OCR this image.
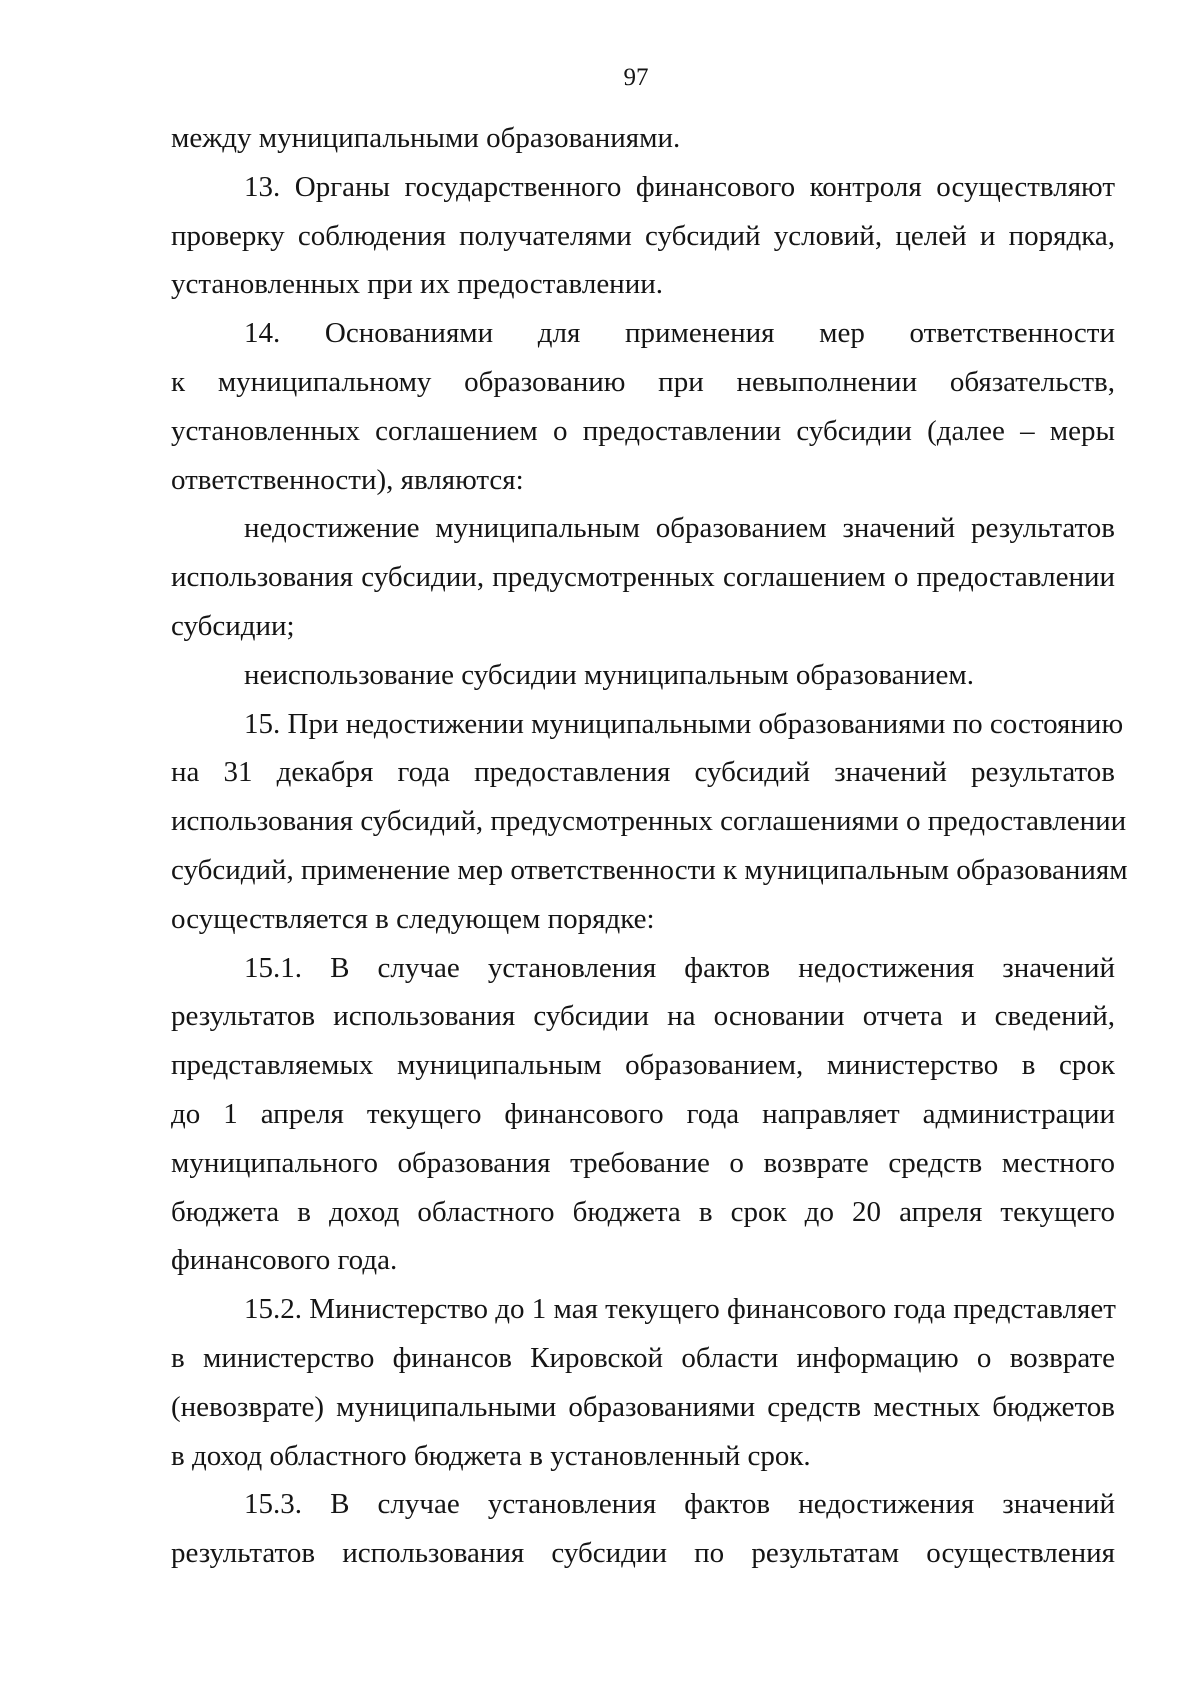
97
между муниципальными образованиями.
13. Органы государственного финансового контроля осуществляют
проверку соблюдения получателями субсидий условий, целей и порядка,
установленных при их предоставлении.
14. Основаниями для применения мер ответственности
к муниципальному образованию при невыполнении обязательств,
установленных соглашением о предоставлении субсидии (далее – меры
ответственности), являются:
недостижение муниципальным образованием значений результатов
использования субсидии, предусмотренных соглашением о предоставлении
субсидии;
неиспользование субсидии муниципальным образованием.
15. При недостижении муниципальными образованиями по состоянию
на 31 декабря года предоставления субсидий значений результатов
использования субсидий, предусмотренных соглашениями о предоставлении
субсидий, применение мер ответственности к муниципальным образованиям
осуществляется в следующем порядке:
15.1. В случае установления фактов недостижения значений
результатов использования субсидии на основании отчета и сведений,
представляемых муниципальным образованием, министерство в срок
до 1 апреля текущего финансового года направляет администрации
муниципального образования требование о возврате средств местного
бюджета в доход областного бюджета в срок до 20 апреля текущего
финансового года.
15.2. Министерство до 1 мая текущего финансового года представляет
в министерство финансов Кировской области информацию о возврате
(невозврате) муниципальными образованиями средств местных бюджетов
в доход областного бюджета в установленный срок.
15.3. В случае установления фактов недостижения значений
результатов использования субсидии по результатам осуществления
